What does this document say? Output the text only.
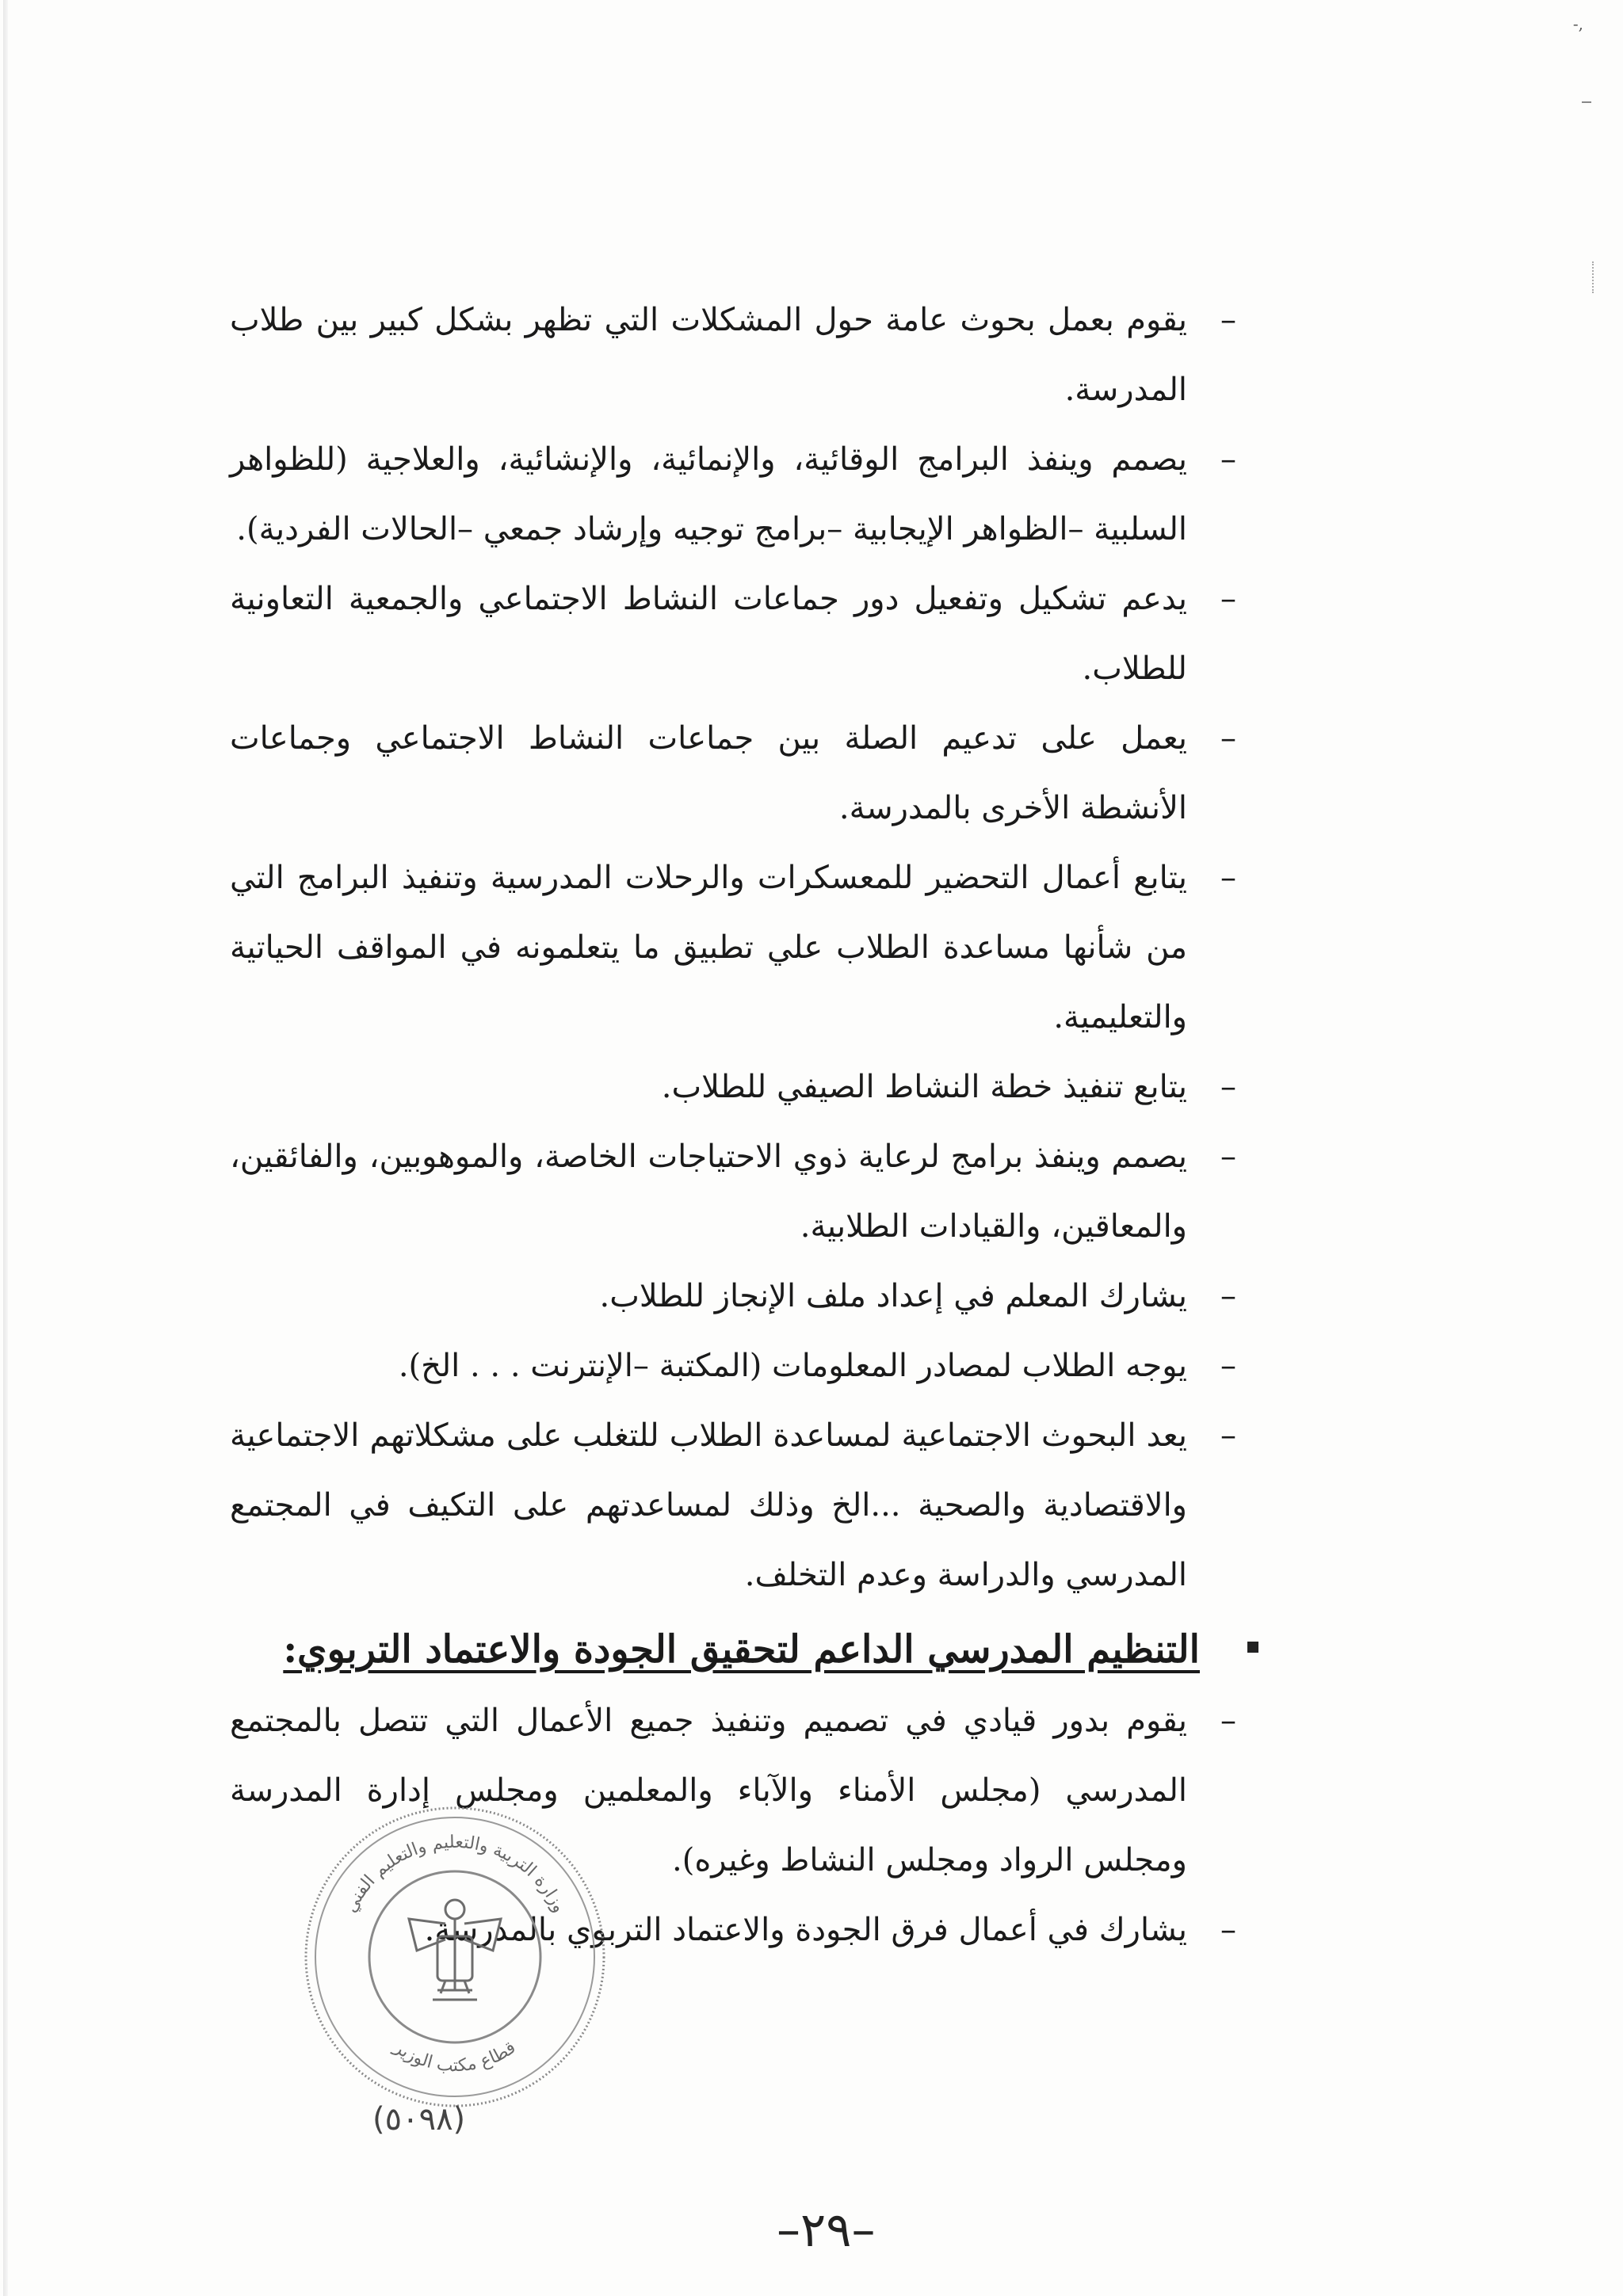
-,
– يقوم بعمل بحوث عامة حول المشكلات التي تظهر بشكل كبير بين طلاب المدرسة.
– يصمم وينفذ البرامج الوقائية، والإنمائية، والإنشائية، والعلاجية (للظواهر السلبية –الظواهر الإيجابية –برامج توجيه وإرشاد جمعي –الحالات الفردية).
– يدعم تشكيل وتفعيل دور جماعات النشاط الاجتماعي والجمعية التعاونية للطلاب.
– يعمل على تدعيم الصلة بين جماعات النشاط الاجتماعي وجماعات الأنشطة الأخرى بالمدرسة.
– يتابع أعمال التحضير للمعسكرات والرحلات المدرسية وتنفيذ البرامج التي من شأنها مساعدة الطلاب علي تطبيق ما يتعلمونه في المواقف الحياتية والتعليمية.
– يتابع تنفيذ خطة النشاط الصيفي للطلاب.
– يصمم وينفذ برامج لرعاية ذوي الاحتياجات الخاصة، والموهوبين، والفائقين، والمعاقين، والقيادات الطلابية.
– يشارك المعلم في إعداد ملف الإنجاز للطلاب.
– يوجه الطلاب لمصادر المعلومات (المكتبة –الإنترنت . . . الخ).
– يعد البحوث الاجتماعية لمساعدة الطلاب للتغلب على مشكلاتهم الاجتماعية والاقتصادية والصحية ...الخ وذلك لمساعدتهم على التكيف في المجتمع المدرسي والدراسة وعدم التخلف.
التنظيم المدرسي الداعم لتحقيق الجودة والاعتماد التربوي:
– يقوم بدور قيادي في تصميم وتنفيذ جميع الأعمال التي تتصل بالمجتمع المدرسي (مجلس الأمناء والآباء والمعلمين ومجلس إدارة المدرسة ومجلس الرواد ومجلس النشاط وغيره).
– يشارك في أعمال فرق الجودة والاعتماد التربوي بالمدرسة.
وزارة التربية والتعليم والتعليم الفني
قطاع مكتب الوزير
(٥٠٩٨)
–٢٩–
